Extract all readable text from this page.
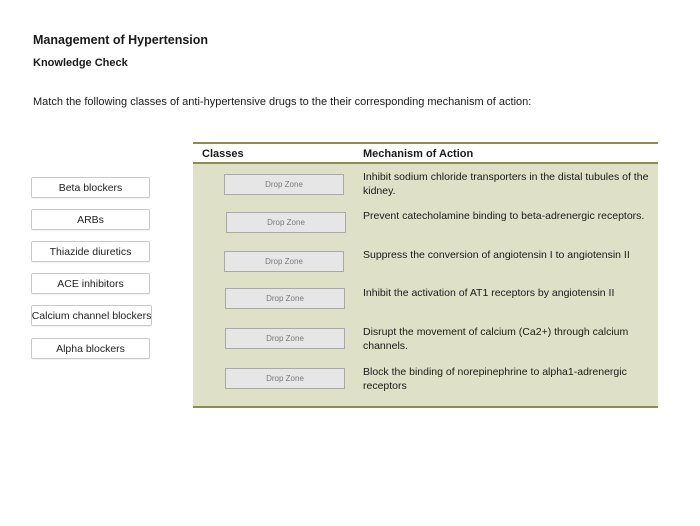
Management of Hypertension
Knowledge Check
Match the following classes of anti-hypertensive drugs to the their corresponding mechanism of action:
Beta blockers
ARBs
Thiazide diuretics
ACE inhibitors
Calcium channel blockers
Alpha blockers
Classes	Mechanism of Action
Drop Zone
Inhibit sodium chloride transporters in the distal tubules of the kidney.
Drop Zone
Prevent catecholamine binding to beta-adrenergic receptors.
Drop Zone
Suppress the conversion of angiotensin I to angiotensin II
Drop Zone	Inhibit the activation of AT1 receptors by angiotensin II
Drop Zone
Disrupt the movement of calcium (Ca2+) through calcium channels.
Drop Zone
Block the binding of norepinephrine to alpha1-adrenergic receptors
